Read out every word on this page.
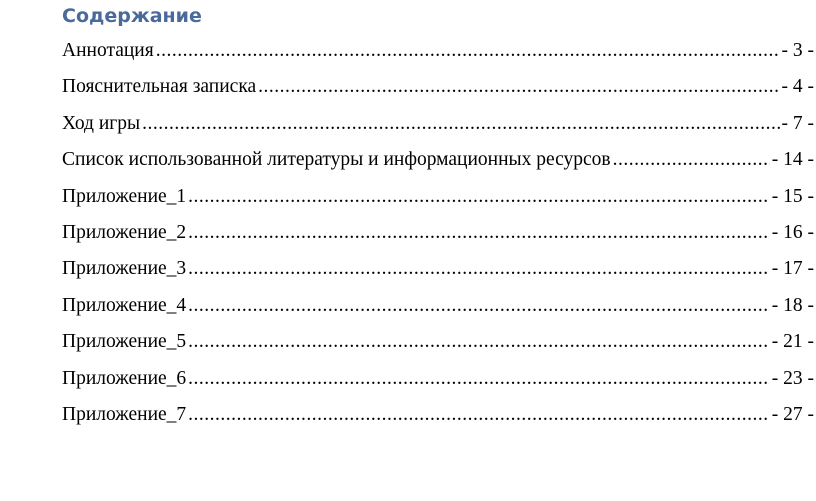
Содержание
Аннотация .....	- 3 -
Пояснительная записка .....	- 4 -
Ход игры .....	- 7 -
Список использованной литературы и информационных ресурсов .....	- 14 -
Приложение_1 .....	- 15 -
Приложение_2 .....	- 16 -
Приложение_3 .....	- 17 -
Приложение_4 .....	- 18 -
Приложение_5 .....	- 21 -
Приложение_6 .....	- 23 -
Приложение_7 .....	- 27 -
